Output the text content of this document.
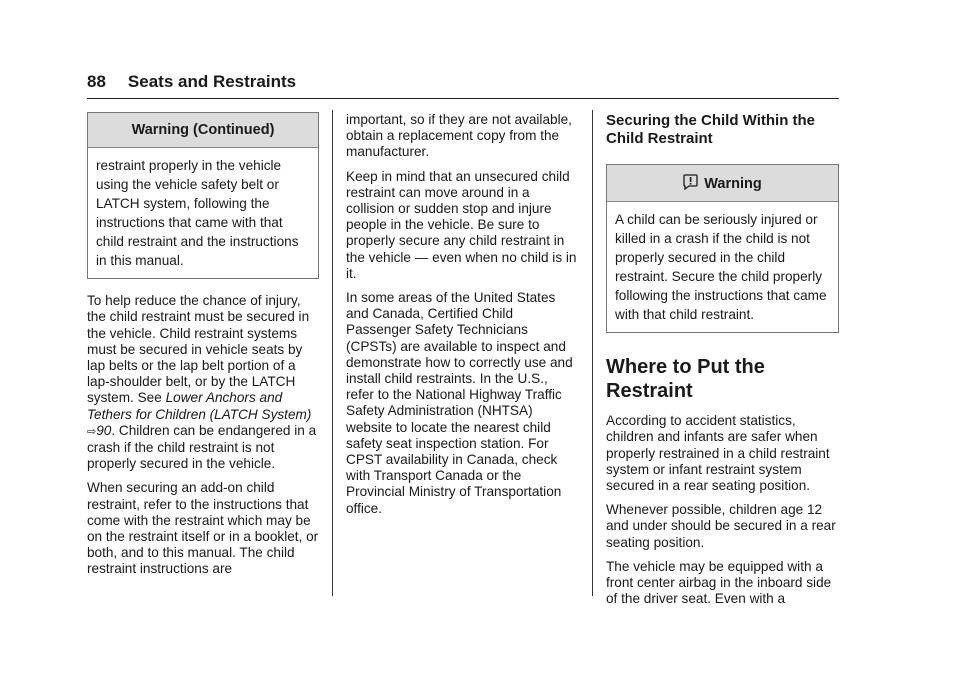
88 Seats and Restraints
Warning (Continued)
restraint properly in the vehicle using the vehicle safety belt or LATCH system, following the instructions that came with that child restraint and the instructions in this manual.

To help reduce the chance of injury, the child restraint must be secured in the vehicle. Child restraint systems must be secured in vehicle seats by lap belts or the lap belt portion of a lap-shoulder belt, or by the LATCH system. See Lower Anchors and Tethers for Children (LATCH System) ⇨90. Children can be endangered in a crash if the child restraint is not properly secured in the vehicle.

When securing an add-on child restraint, refer to the instructions that come with the restraint which may be on the restraint itself or in a booklet, or both, and to this manual. The child restraint instructions are

important, so if they are not available, obtain a replacement copy from the manufacturer.

Keep in mind that an unsecured child restraint can move around in a collision or sudden stop and injure people in the vehicle. Be sure to properly secure any child restraint in the vehicle — even when no child is in it.

In some areas of the United States and Canada, Certified Child Passenger Safety Technicians (CPSTs) are available to inspect and demonstrate how to correctly use and install child restraints. In the U.S., refer to the National Highway Traffic Safety Administration (NHTSA) website to locate the nearest child safety seat inspection station. For CPST availability in Canada, check with Transport Canada or the Provincial Ministry of Transportation office.

Securing the Child Within the Child Restraint
Warning
A child can be seriously injured or killed in a crash if the child is not properly secured in the child restraint. Secure the child properly following the instructions that came with that child restraint.
Where to Put the Restraint

According to accident statistics, children and infants are safer when properly restrained in a child restraint system or infant restraint system secured in a rear seating position.

Whenever possible, children age 12 and under should be secured in a rear seating position.

The vehicle may be equipped with a front center airbag in the inboard side of the driver seat. Even with a
